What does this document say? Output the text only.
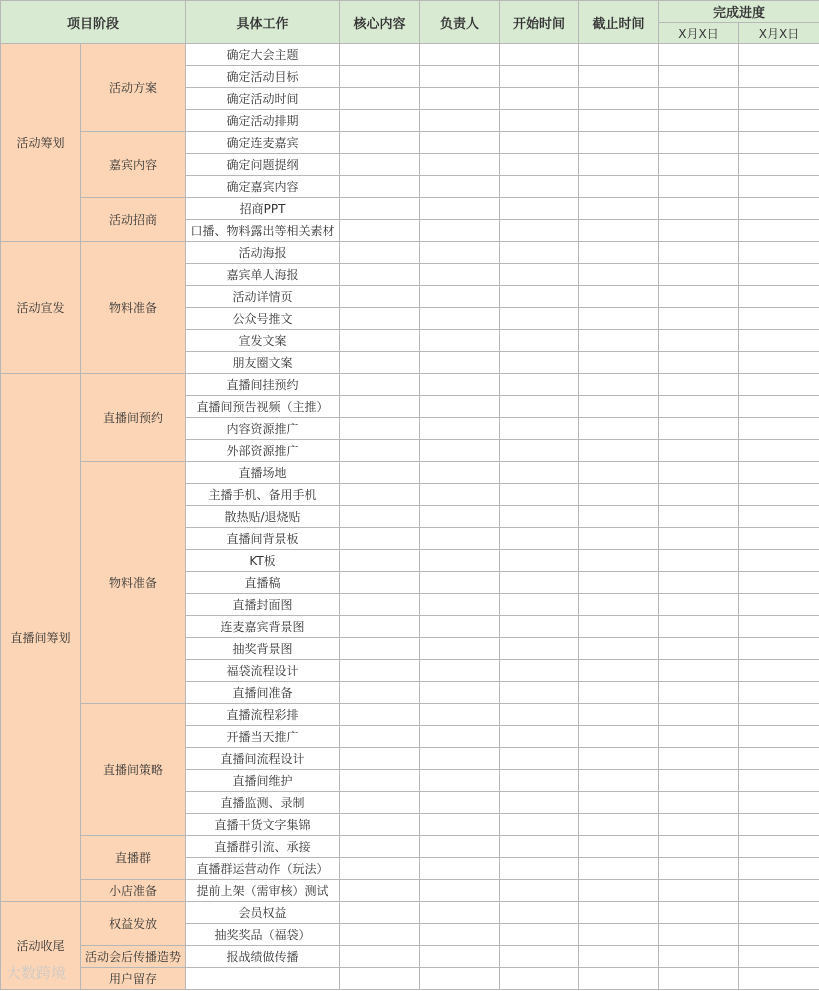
项目阶段		具体工作	核心内容	负责人	开始时间	截止时间	完成进度	
							X月X日	X月X日
活动筹划	活动方案	确定大会主题						
		确定活动目标						
		确定活动时间						
		确定活动排期						
	嘉宾内容	确定连麦嘉宾						
		确定问题提纲						
		确定嘉宾内容						
	活动招商	招商PPT						
		口播、物料露出等相关素材						
活动宣发	物料准备	活动海报						
		嘉宾单人海报						
		活动详情页						
		公众号推文						
		宣发文案						
		朋友圈文案						
直播间筹划	直播间预约	直播间挂预约						
		直播间预告视频（主推）						
		内容资源推广						
		外部资源推广						
	物料准备	直播场地						
		主播手机、备用手机						
		散热贴/退烧贴						
		直播间背景板						
		KT板						
		直播稿						
		直播封面图						
		连麦嘉宾背景图						
		抽奖背景图						
		福袋流程设计						
		直播间准备						
	直播间策略	直播流程彩排						
		开播当天推广						
		直播间流程设计						
		直播间维护						
		直播监测、录制						
		直播干货文字集锦						
	直播群	直播群引流、承接						
		直播群运营动作（玩法）						
	小店准备	提前上架（需审核）测试						
活动收尾	权益发放	会员权益						
		抽奖奖品（福袋）						
	活动会后传播造势	报战绩做传播						
	用户留存							
大数跨境
